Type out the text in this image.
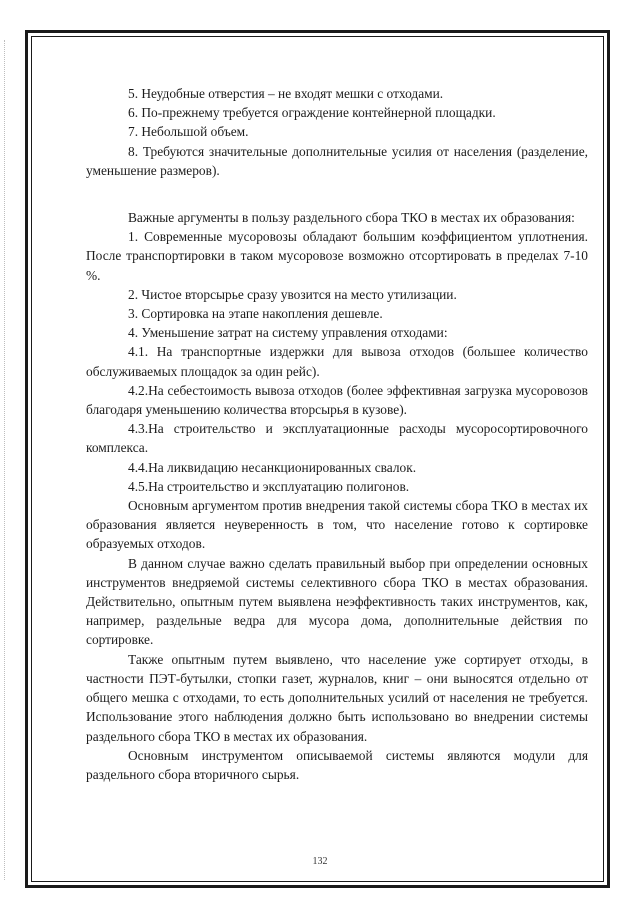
5. Неудобные отверстия – не входят мешки с отходами.

6. По-прежнему требуется ограждение контейнерной площадки.

7. Небольшой объем.

8. Требуются значительные дополнительные усилия от населения (разделение, уменьшение размеров).

Важные аргументы в пользу раздельного сбора ТКО в местах их образования:

1. Современные мусоровозы обладают большим коэффициентом уплотнения. После транспортировки в таком мусоровозе возможно отсортировать в пределах 7-10 %.

2. Чистое вторсырье сразу увозится на место утилизации.

3. Сортировка на этапе накопления дешевле.

4. Уменьшение затрат на систему управления отходами:

4.1. На транспортные издержки для вывоза отходов (большее количество обслуживаемых площадок за один рейс).

4.2.На себестоимость вывоза отходов (более эффективная загрузка мусоровозов благодаря уменьшению количества вторсырья в кузове).

4.3.На строительство и эксплуатационные расходы мусоросортировочного комплекса.

4.4.На ликвидацию несанкционированных свалок.

4.5.На строительство и эксплуатацию полигонов.

Основным аргументом против внедрения такой системы сбора ТКО в местах их образования является неуверенность в том, что население готово к сортировке образуемых отходов.

В данном случае важно сделать правильный выбор при определении основных инструментов внедряемой системы селективного сбора ТКО в местах образования. Действительно, опытным путем выявлена неэффективность таких инструментов, как, например, раздельные ведра для мусора дома, дополнительные действия по сортировке.

Также опытным путем выявлено, что население уже сортирует отходы, в частности ПЭТ-бутылки, стопки газет, журналов, книг – они выносятся отдельно от общего мешка с отходами, то есть дополнительных усилий от населения не требуется. Использование этого наблюдения должно быть использовано во внедрении системы раздельного сбора ТКО в местах их образования.

Основным инструментом описываемой системы являются модули для раздельного сбора вторичного сырья.

132
